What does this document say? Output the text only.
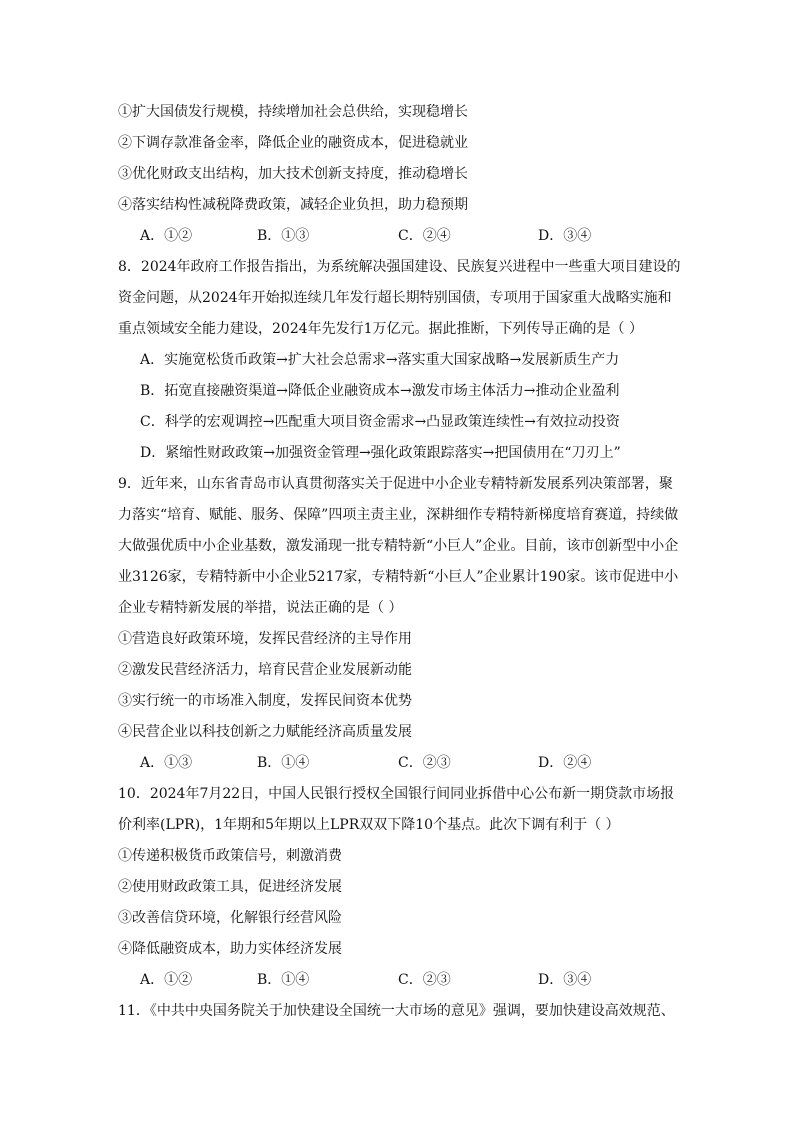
①扩大国债发行规模，持续增加社会总供给，实现稳增长
②下调存款准备金率，降低企业的融资成本，促进稳就业
③优化财政支出结构，加大技术创新支持度，推动稳增长
④落实结构性减税降费政策，减轻企业负担，助力稳预期
A．①②	B．①③	C．②④	D．③④
8．2024年政府工作报告指出，为系统解决强国建设、民族复兴进程中一些重大项目建设的
资金问题，从2024年开始拟连续几年发行超长期特别国债，专项用于国家重大战略实施和
重点领域安全能力建设，2024年先发行1万亿元。据此推断，下列传导正确的是（ ）
A．实施宽松货币政策→扩大社会总需求→落实重大国家战略→发展新质生产力
B．拓宽直接融资渠道→降低企业融资成本→激发市场主体活力→推动企业盈利
C．科学的宏观调控→匹配重大项目资金需求→凸显政策连续性→有效拉动投资
D．紧缩性财政政策→加强资金管理→强化政策跟踪落实→把国债用在“刀刃上”
9．近年来，山东省青岛市认真贯彻落实关于促进中小企业专精特新发展系列决策部署，聚
力落实“培育、赋能、服务、保障”四项主责主业，深耕细作专精特新梯度培育赛道，持续做
大做强优质中小企业基数，激发涌现一批专精特新“小巨人”企业。目前，该市创新型中小企
业3126家，专精特新中小企业5217家，专精特新“小巨人”企业累计190家。该市促进中小
企业专精特新发展的举措，说法正确的是（ ）
①营造良好政策环境，发挥民营经济的主导作用
②激发民营经济活力，培育民营企业发展新动能
③实行统一的市场准入制度，发挥民间资本优势
④民营企业以科技创新之力赋能经济高质量发展
A．①③	B．①④	C．②③	D．②④
10．2024年7月22日，中国人民银行授权全国银行间同业拆借中心公布新一期贷款市场报
价利率(LPR)，1年期和5年期以上LPR双双下降10个基点。此次下调有利于（ ）
①传递积极货币政策信号，刺激消费
②使用财政政策工具，促进经济发展
③改善信贷环境，化解银行经营风险
④降低融资成本，助力实体经济发展
A．①②	B．①④	C．②③	D．③④
11．《中共中央国务院关于加快建设全国统一大市场的意见》强调，要加快建设高效规范、
